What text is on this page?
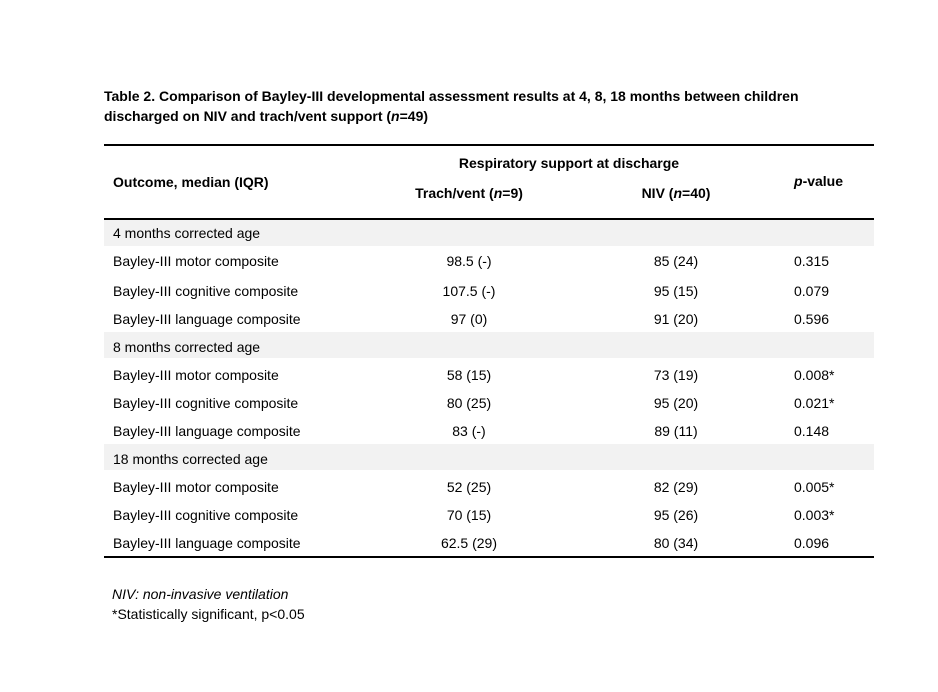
Table 2. Comparison of Bayley-III developmental assessment results at 4, 8, 18 months between children discharged on NIV and trach/vent support (n=49)
Outcome, median (IQR)
Respiratory support at discharge
Trach/vent (n=9)	NIV (n=40)
p-value
4 months corrected age
Bayley-III motor composite	98.5 (-)	85 (24)	0.315
Bayley-III cognitive composite	107.5 (-)	95 (15)	0.079
Bayley-III language composite	97 (0)	91 (20)	0.596
8 months corrected age
Bayley-III motor composite	58 (15)	73 (19)	0.008*
Bayley-III cognitive composite	80 (25)	95 (20)	0.021*
Bayley-III language composite	83 (-)	89 (11)	0.148
18 months corrected age
Bayley-III motor composite	52 (25)	82 (29)	0.005*
Bayley-III cognitive composite	70 (15)	95 (26)	0.003*
Bayley-III language composite	62.5 (29)	80 (34)	0.096
NIV: non-invasive ventilation
*Statistically significant, p<0.05
